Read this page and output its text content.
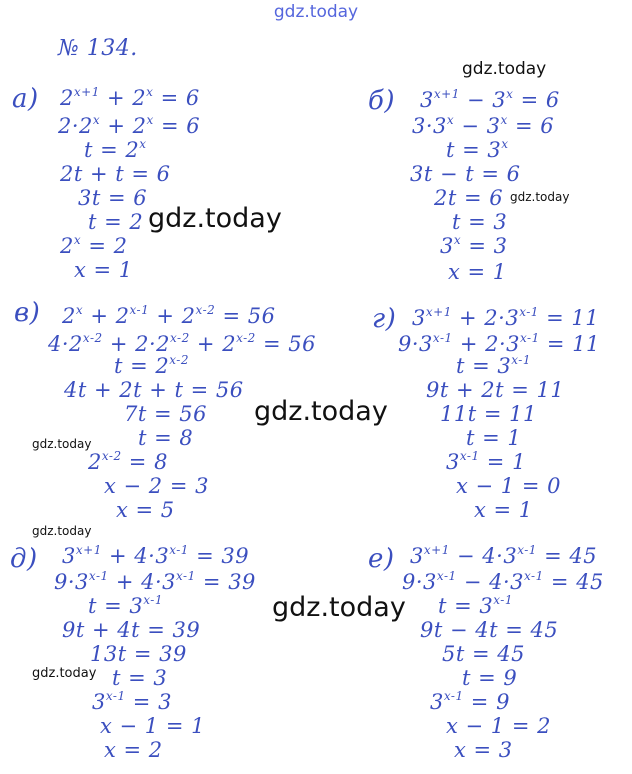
gdz.today
№ 134.
а) $2^{x+1} + 2^x = 6$
$2\cdot 2^x + 2^x = 6$
$t = 2^x$
2t + t = 6
3t = 6
t = 2
$2^x = 2$
x = 1
б) $3^{x+1} - 3^x = 6$
$3\cdot 3^x - 3^x = 6$
$t = 3^x$
3t − t = 6
2t = 6
t = 3
$3^x = 3$
x = 1
в) $2^x + 2^{x-1} + 2^{x-2} = 56$
$4\cdot 2^{x-2} + 2\cdot 2^{x-2} + 2^{x-2} = 56$
$t = 2^{x-2}$
4t + 2t + t = 56
7t = 56
t = 8
$2^{x-2} = 8$
x − 2 = 3
x = 5
г) $3^{x+1} + 2\cdot 3^{x-1} = 11$
$9\cdot 3^{x-1} + 2\cdot 3^{x-1} = 11$
$t = 3^{x-1}$
9t + 2t = 11
11t = 11
t = 1
$3^{x-1} = 1$
x − 1 = 0
x = 1
д) $3^{x+1} + 4\cdot 3^{x-1} = 39$
$9\cdot 3^{x-1} + 4\cdot 3^{x-1} = 39$
$t = 3^{x-1}$
9t + 4t = 39
13t = 39
t = 3
$3^{x-1} = 3$
x − 1 = 1
x = 2
е) $3^{x+1} - 4\cdot 3^{x-1} = 45$
$9\cdot 3^{x-1} - 4\cdot 3^{x-1} = 45$
$t = 3^{x-1}$
9t − 4t = 45
5t = 45
t = 9
$3^{x-1} = 9$
x − 1 = 2
x = 3
gdz.today
gdz.today
gdz.today
gdz.today
gdz.today
gdz.today
gdz.today
gdz.today
